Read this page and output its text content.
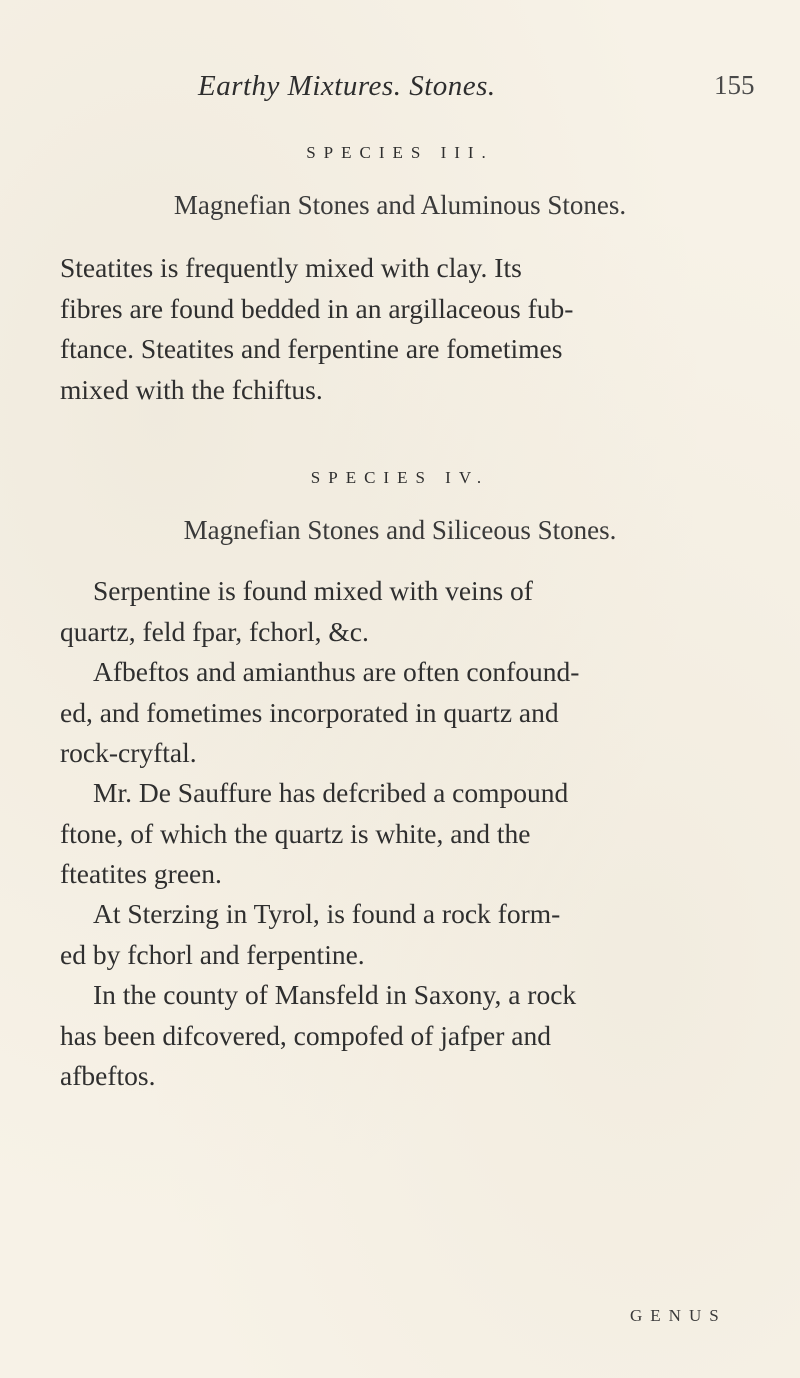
Earthy Mixtures. Stones.	155
SPECIES III.
Magnefian Stones and Aluminous Stones.
Steatites is frequently mixed with clay. Its
fibres are found bedded in an argillaceous fub-
ftance. Steatites and ferpentine are fometimes
mixed with the fchiftus.
SPECIES IV.
Magnefian Stones and Siliceous Stones.
Serpentine is found mixed with veins of
quartz, feld fpar, fchorl, &c.
Afbeftos and amianthus are often confound-
ed, and fometimes incorporated in quartz and
rock-cryftal.
Mr. De Sauffure has defcribed a compound
ftone, of which the quartz is white, and the
fteatites green.
At Sterzing in Tyrol, is found a rock form-
ed by fchorl and ferpentine.
In the county of Mansfeld in Saxony, a rock
has been difcovered, compofed of jafper and
afbeftos.
GENUS
